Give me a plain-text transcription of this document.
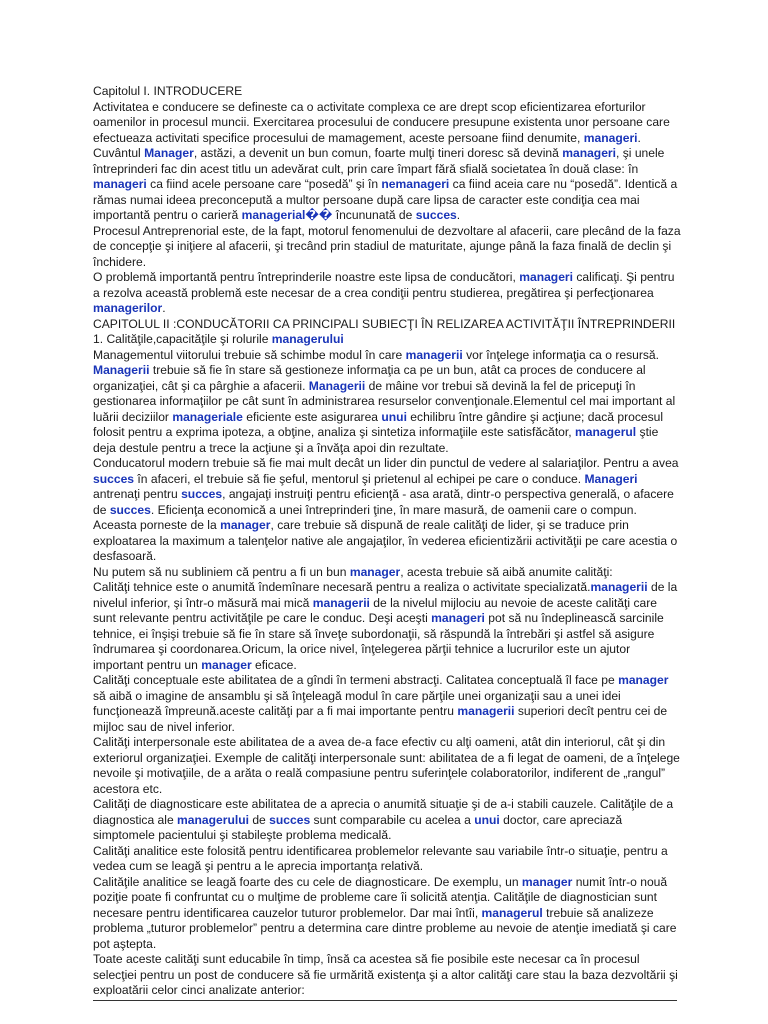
Capitolul I. INTRODUCERE

Activitatea e conducere se defineste ca o activitate complexa ce are drept scop eficientizarea eforturilor oamenilor in procesul muncii. Exercitarea procesului de conducere presupune existenta unor persoane care efectueaza activitati specifice procesului de mamagement, aceste persoane fiind denumite, manageri.

Cuvântul Manager, astăzi, a devenit un bun comun, foarte mulţi tineri doresc să devină manageri, şi unele întreprinderi fac din acest titlu un adevărat cult, prin care împart fără sfială societatea în două clase: în manageri ca fiind acele persoane care “posedă” şi în nemanageri ca fiind aceia care nu “posedă”. Identică a rămas numai ideea preconcepută a multor persoane după care lipsa de caracter este condiţia cea mai importantă pentru o carieră managerial�� încununată de succes.

Procesul Antreprenorial este, de la fapt, motorul fenomenului de dezvoltare al afacerii, care plecând de la faza de concepţie şi iniţiere al afacerii, şi trecând prin stadiul de maturitate, ajunge până la faza finală de declin şi închidere.

O problemă importantă pentru întreprinderile noastre este lipsa de conducători, manageri calificaţi. Şi pentru a rezolva această problemă este necesar de a crea condiţii pentru studierea, pregătirea şi perfecţionarea managerilor.

CAPITOLUL II :CONDUCĂTORII CA PRINCIPALI SUBIECŢI ÎN RELIZAREA ACTIVITĂŢII ÎNTREPRINDERII

1. Calităţile,capacităţile şi rolurile managerului

Managementul viitorului trebuie să schimbe modul în care managerii vor înţelege informaţia ca o resursă. Managerii trebuie să fie în stare să gestioneze informaţia ca pe un bun, atât ca proces de conducere al organizaţiei, cât şi ca pârghie a afacerii. Managerii de mâine vor trebui să devină la fel de pricepuţi în gestionarea informaţiilor pe cât sunt în administrarea resurselor convenţionale.Elementul cel mai important al luării deciziilor manageriale eficiente este asigurarea unui echilibru între gândire şi acţiune; dacă procesul folosit pentru a exprima ipoteza, a obţine, analiza şi sintetiza informaţiile este satisfăcător, managerul ştie deja destule pentru a trece la acţiune şi a învăţa apoi din rezultate.

Conducatorul modern trebuie să fie mai mult decât un lider din punctul de vedere al salariaţilor. Pentru a avea succes în afaceri, el trebuie să fie şeful, mentorul şi prietenul al echipei pe care o conduce. Manageri antrenaţi pentru succes, angajaţi instruiţi pentru eficienţă - asa arată, dintr-o perspectiva generală, o afacere de succes. Eficienţa economică a unei întreprinderi ţine, în mare masură, de oamenii care o compun. Aceasta porneste de la manager, care trebuie să dispună de reale calităţi de lider, şi se traduce prin exploatarea la maximum a talenţelor native ale angajaţilor, în vederea eficientizării activităţii pe care acestia o desfasoară.

Nu putem să nu subliniem că pentru a fi un bun manager, acesta trebuie să aibă anumite calităţi:

Calităţi tehnice este o anumită îndemînare necesară pentru a realiza o activitate specializată.managerii de la nivelul inferior, şi într-o măsură mai mică managerii de la nivelul mijlociu au nevoie de aceste calităţi care sunt relevante pentru activităţile pe care le conduc. Deşi aceşti manageri pot să nu îndeplinească sarcinile tehnice, ei înşişi trebuie să fie în stare să înveţe subordonaţii, să răspundă la întrebări şi astfel să asigure îndrumarea şi coordonarea.Oricum, la orice nivel, înţelegerea părţii tehnice a lucrurilor este un ajutor important pentru un manager eficace.

Calităţi conceptuale este abilitatea de a gîndi în termeni abstracţi. Calitatea conceptuală îl face pe manager să aibă o imagine de ansamblu şi să înţeleagă modul în care părţile unei organizaţii sau a unei idei funcţionează împreună.aceste calităţi par a fi mai importante pentru managerii superiori decît pentru cei de mijloc sau de nivel inferior.

Calităţi interpersonale este abilitatea de a avea de-a face efectiv cu alţi oameni, atât din interiorul, cât şi din exteriorul organizaţiei. Exemple de calităţi interpersonale sunt: abilitatea de a fi legat de oameni, de a înţelege nevoile şi motivaţiile, de a arăta o reală compasiune pentru suferinţele colaboratorilor, indiferent de „rangul” acestora etc.

Calităţi de diagnosticare este abilitatea de a aprecia o anumită situaţie şi de a-i stabili cauzele. Calităţile de a diagnostica ale managerului de succes sunt comparabile cu acelea a unui doctor, care apreciază simptomele pacientului şi stabileşte problema medicală.

Calităţi analitice este folosită pentru identificarea problemelor relevante sau variabile într-o situaţie, pentru a vedea cum se leagă şi pentru a le aprecia importanţa relativă.

Calităţile analitice se leagă foarte des cu cele de diagnosticare. De exemplu, un manager numit într-o nouă poziţie poate fi confruntat cu o mulţime de probleme care îi solicită atenţia. Calităţile de diagnostician sunt necesare pentru identificarea cauzelor tuturor problemelor. Dar mai întîi, managerul trebuie să analizeze problema „tuturor problemelor” pentru a determina care dintre probleme au nevoie de atenţie imediată şi care pot aştepta.

Toate aceste calităţi sunt educabile în timp, însă ca acestea să fie posibile este necesar ca în procesul selecţiei pentru un post de conducere să fie urmărită existenţa şi a altor calităţi care stau la baza dezvoltării şi exploatării celor cinci analizate anterior:
